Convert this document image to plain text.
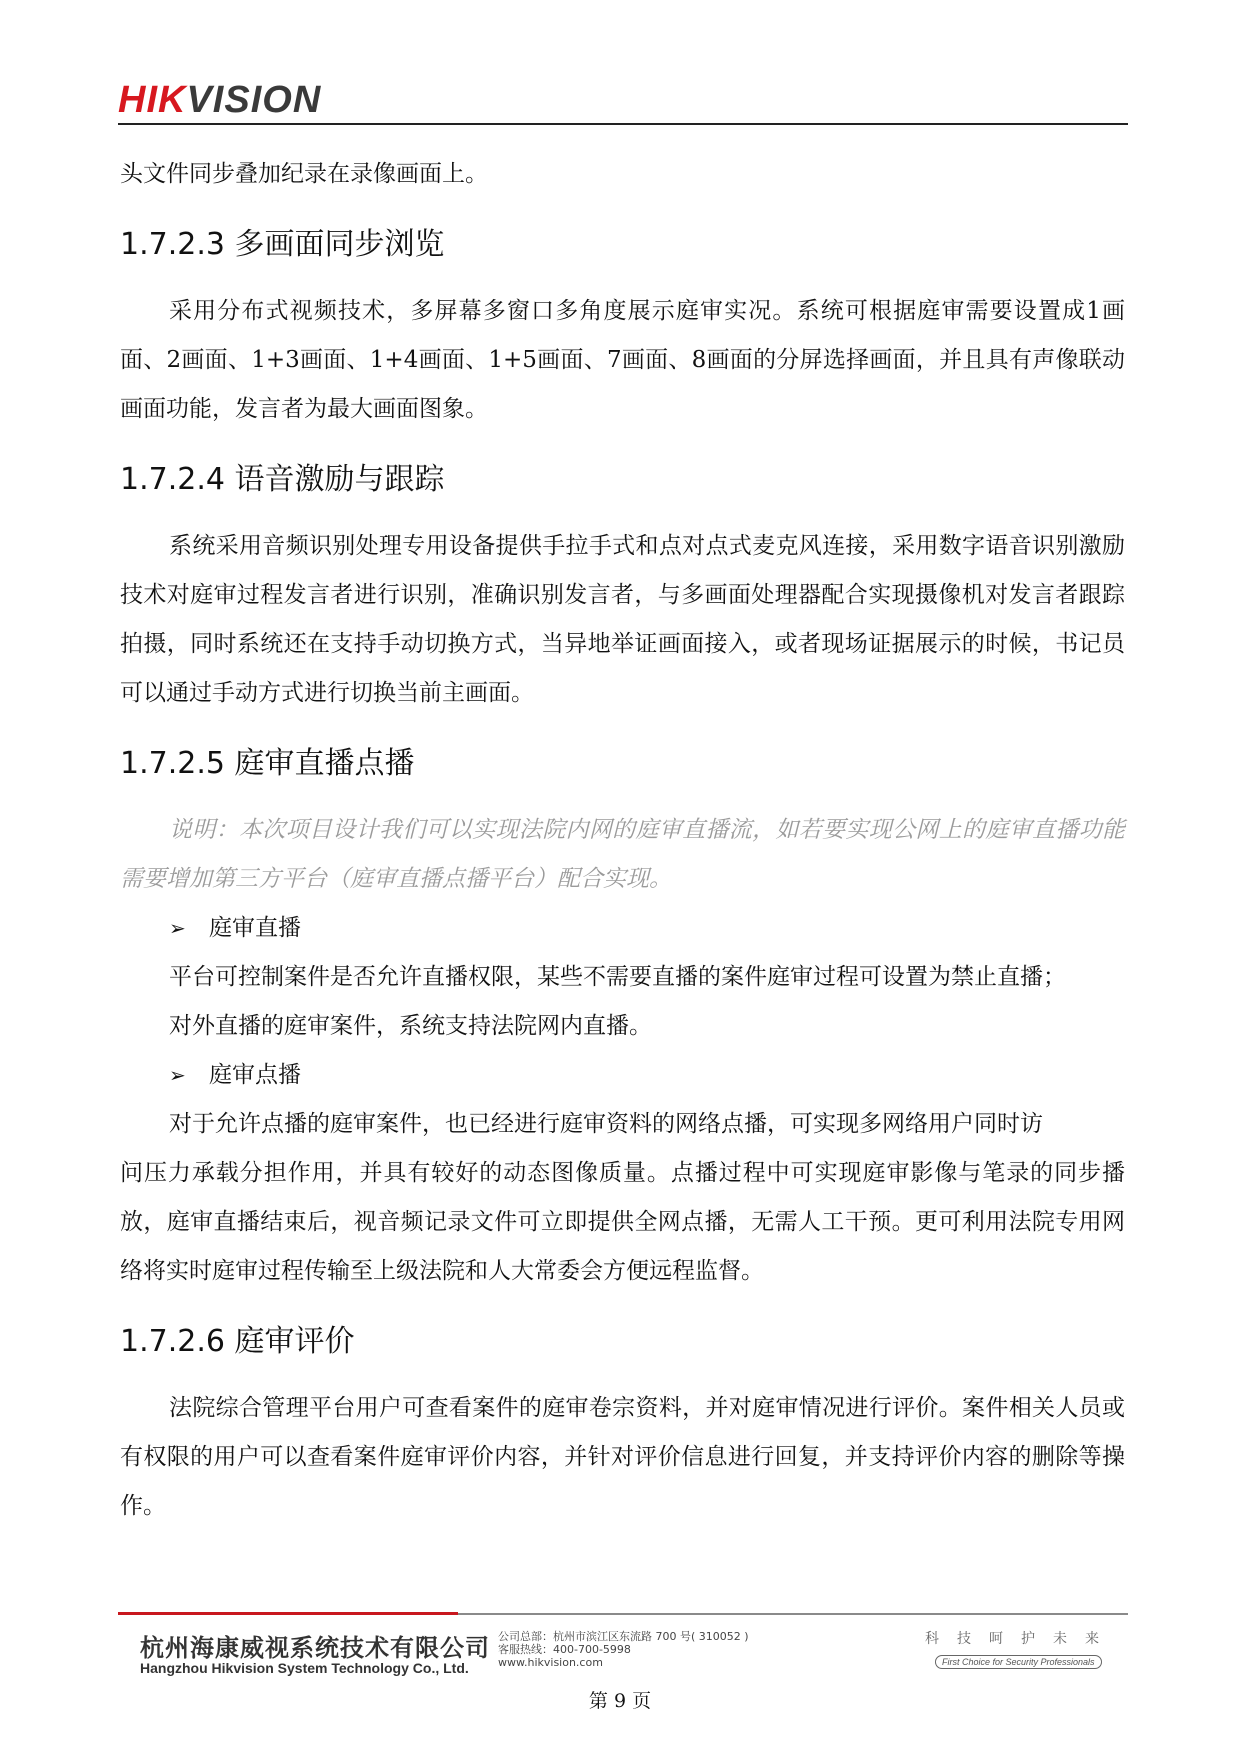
HIKVISION

头文件同步叠加纪录在录像画面上。

1.7.2.3 多画面同步浏览

采用分布式视频技术，多屏幕多窗口多角度展示庭审实况。系统可根据庭审需要设置成1画面、2画面、1+3画面、1+4画面、1+5画面、7画面、8画面的分屏选择画面，并且具有声像联动画面功能，发言者为最大画面图象。

1.7.2.4 语音激励与跟踪

系统采用音频识别处理专用设备提供手拉手式和点对点式麦克风连接，采用数字语音识别激励技术对庭审过程发言者进行识别，准确识别发言者，与多画面处理器配合实现摄像机对发言者跟踪拍摄，同时系统还在支持手动切换方式，当异地举证画面接入，或者现场证据展示的时候，书记员可以通过手动方式进行切换当前主画面。

1.7.2.5 庭审直播点播

说明：本次项目设计我们可以实现法院内网的庭审直播流，如若要实现公网上的庭审直播功能需要增加第三方平台（庭审直播点播平台）配合实现。

➢ 庭审直播

平台可控制案件是否允许直播权限，某些不需要直播的案件庭审过程可设置为禁止直播；

对外直播的庭审案件，系统支持法院网内直播。

➢ 庭审点播

对于允许点播的庭审案件，也已经进行庭审资料的网络点播，可实现多网络用户同时访

问压力承载分担作用，并具有较好的动态图像质量。点播过程中可实现庭审影像与笔录的同步播放，庭审直播结束后，视音频记录文件可立即提供全网点播，无需人工干预。更可利用法院专用网络将实时庭审过程传输至上级法院和人大常委会方便远程监督。

1.7.2.6 庭审评价

法院综合管理平台用户可查看案件的庭审卷宗资料，并对庭审情况进行评价。案件相关人员或有权限的用户可以查看案件庭审评价内容，并针对评价信息进行回复，并支持评价内容的删除等操作。

杭州海康威视系统技术有限公司
Hangzhou Hikvision System Technology Co., Ltd.
公司总部：杭州市滨江区东流路 700 号( 310052 )
客服热线：400-700-5998
www.hikvision.com
科技呵护未来
First Choice for Security Professionals
第 9 页
